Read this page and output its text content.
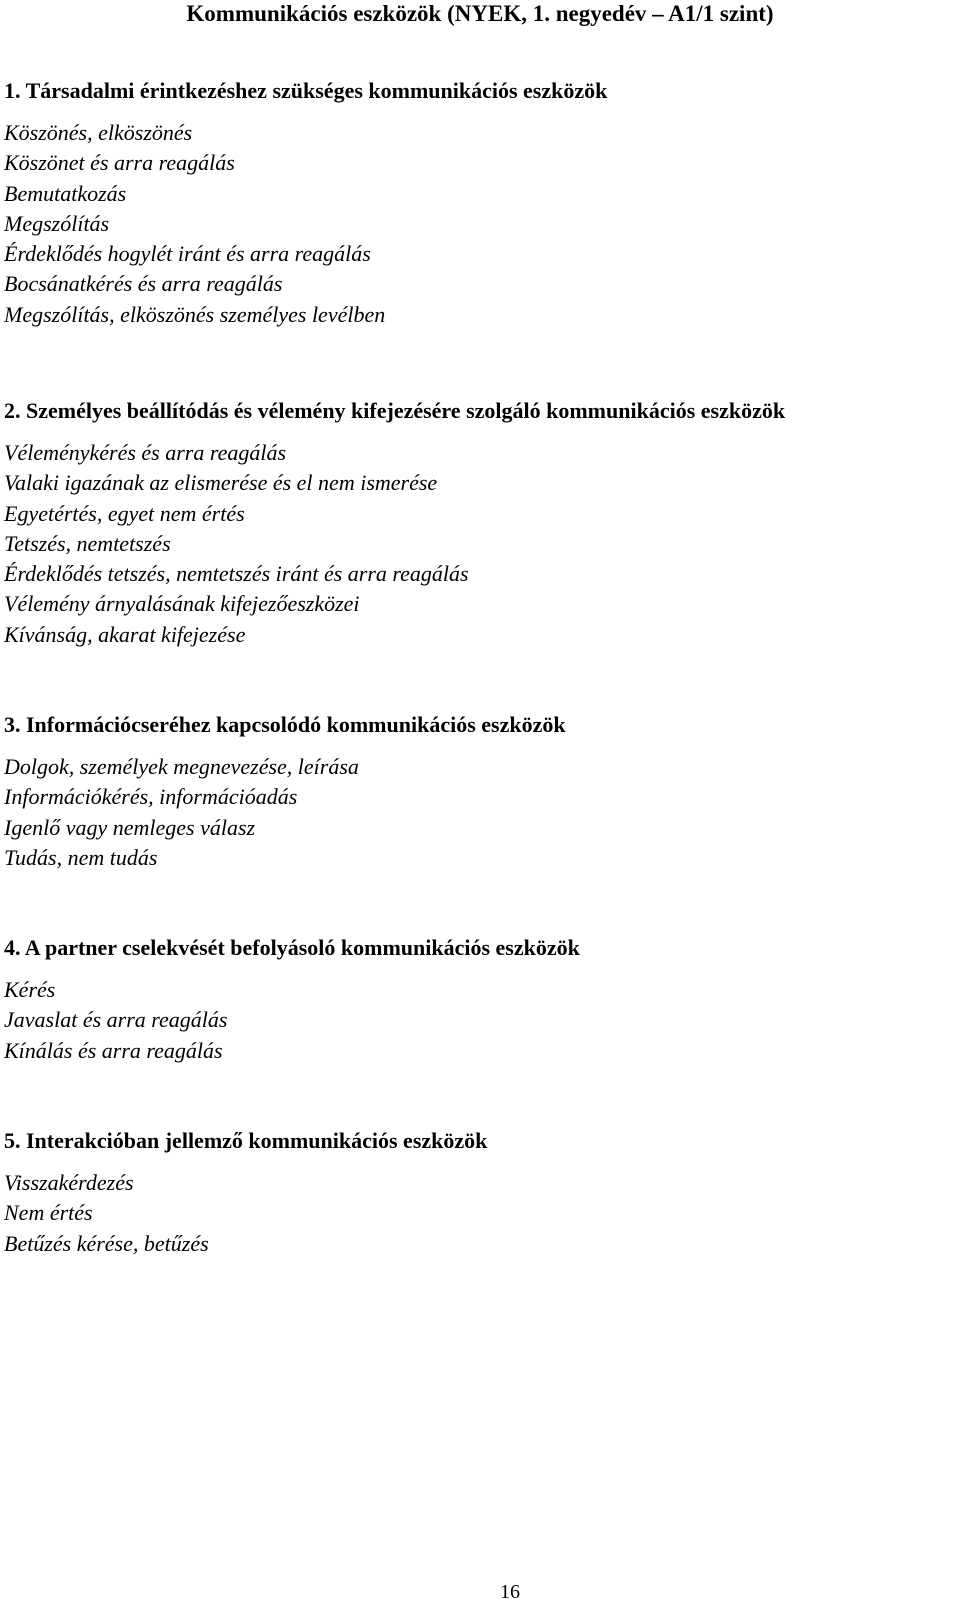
Kommunikációs eszközök (NYEK, 1. negyedév – A1/1 szint)
1. Társadalmi érintkezéshez szükséges kommunikációs eszközök
Köszönés, elköszönés
Köszönet és arra reagálás
Bemutatkozás
Megszólítás
Érdeklődés hogylét iránt és arra reagálás
Bocsánatkérés és arra reagálás
Megszólítás, elköszönés személyes levélben
2. Személyes beállítódás és vélemény kifejezésére szolgáló kommunikációs eszközök
Véleménykérés és arra reagálás
Valaki igazának az elismerése és el nem ismerése
Egyetértés, egyet nem értés
Tetszés, nemtetszés
Érdeklődés tetszés, nemtetszés iránt és arra reagálás
Vélemény árnyalásának kifejezőeszközei
Kívánság, akarat kifejezése
3. Információcseréhez kapcsolódó kommunikációs eszközök
Dolgok, személyek megnevezése, leírása
Információkérés, információadás
Igenlő vagy nemleges válasz
Tudás, nem tudás
4. A partner cselekvését befolyásoló kommunikációs eszközök
Kérés
Javaslat és arra reagálás
Kínálás és arra reagálás
5. Interakcióban jellemző kommunikációs eszközök
Visszakérdezés
Nem értés
Betűzés kérése, betűzés
16
